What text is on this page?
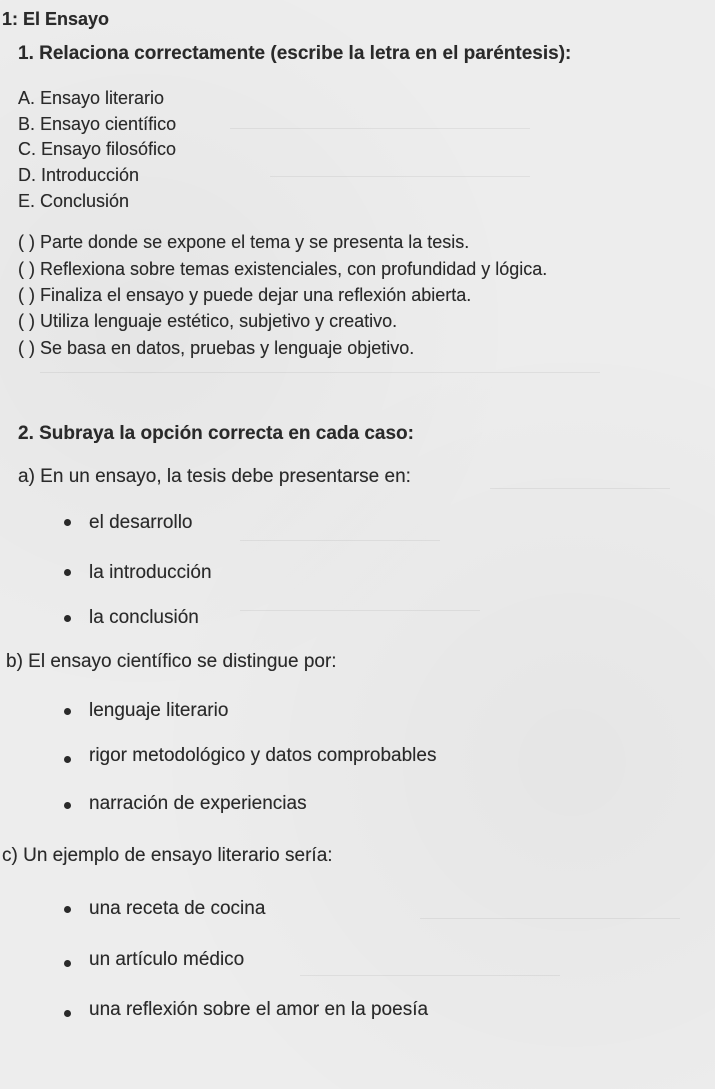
1: El Ensayo
1. Relaciona correctamente (escribe la letra en el paréntesis):
A. Ensayo literario
B. Ensayo científico
C. Ensayo filosófico
D. Introducción
E. Conclusión
( ) Parte donde se expone el tema y se presenta la tesis.
( ) Reflexiona sobre temas existenciales, con profundidad y lógica.
( ) Finaliza el ensayo y puede dejar una reflexión abierta.
( ) Utiliza lenguaje estético, subjetivo y creativo.
( ) Se basa en datos, pruebas y lenguaje objetivo.
2. Subraya la opción correcta en cada caso:
a) En un ensayo, la tesis debe presentarse en:
el desarrollo
la introducción
la conclusión
b) El ensayo científico se distingue por:
lenguaje literario
rigor metodológico y datos comprobables
narración de experiencias
c) Un ejemplo de ensayo literario sería:
una receta de cocina
un artículo médico
una reflexión sobre el amor en la poesía
